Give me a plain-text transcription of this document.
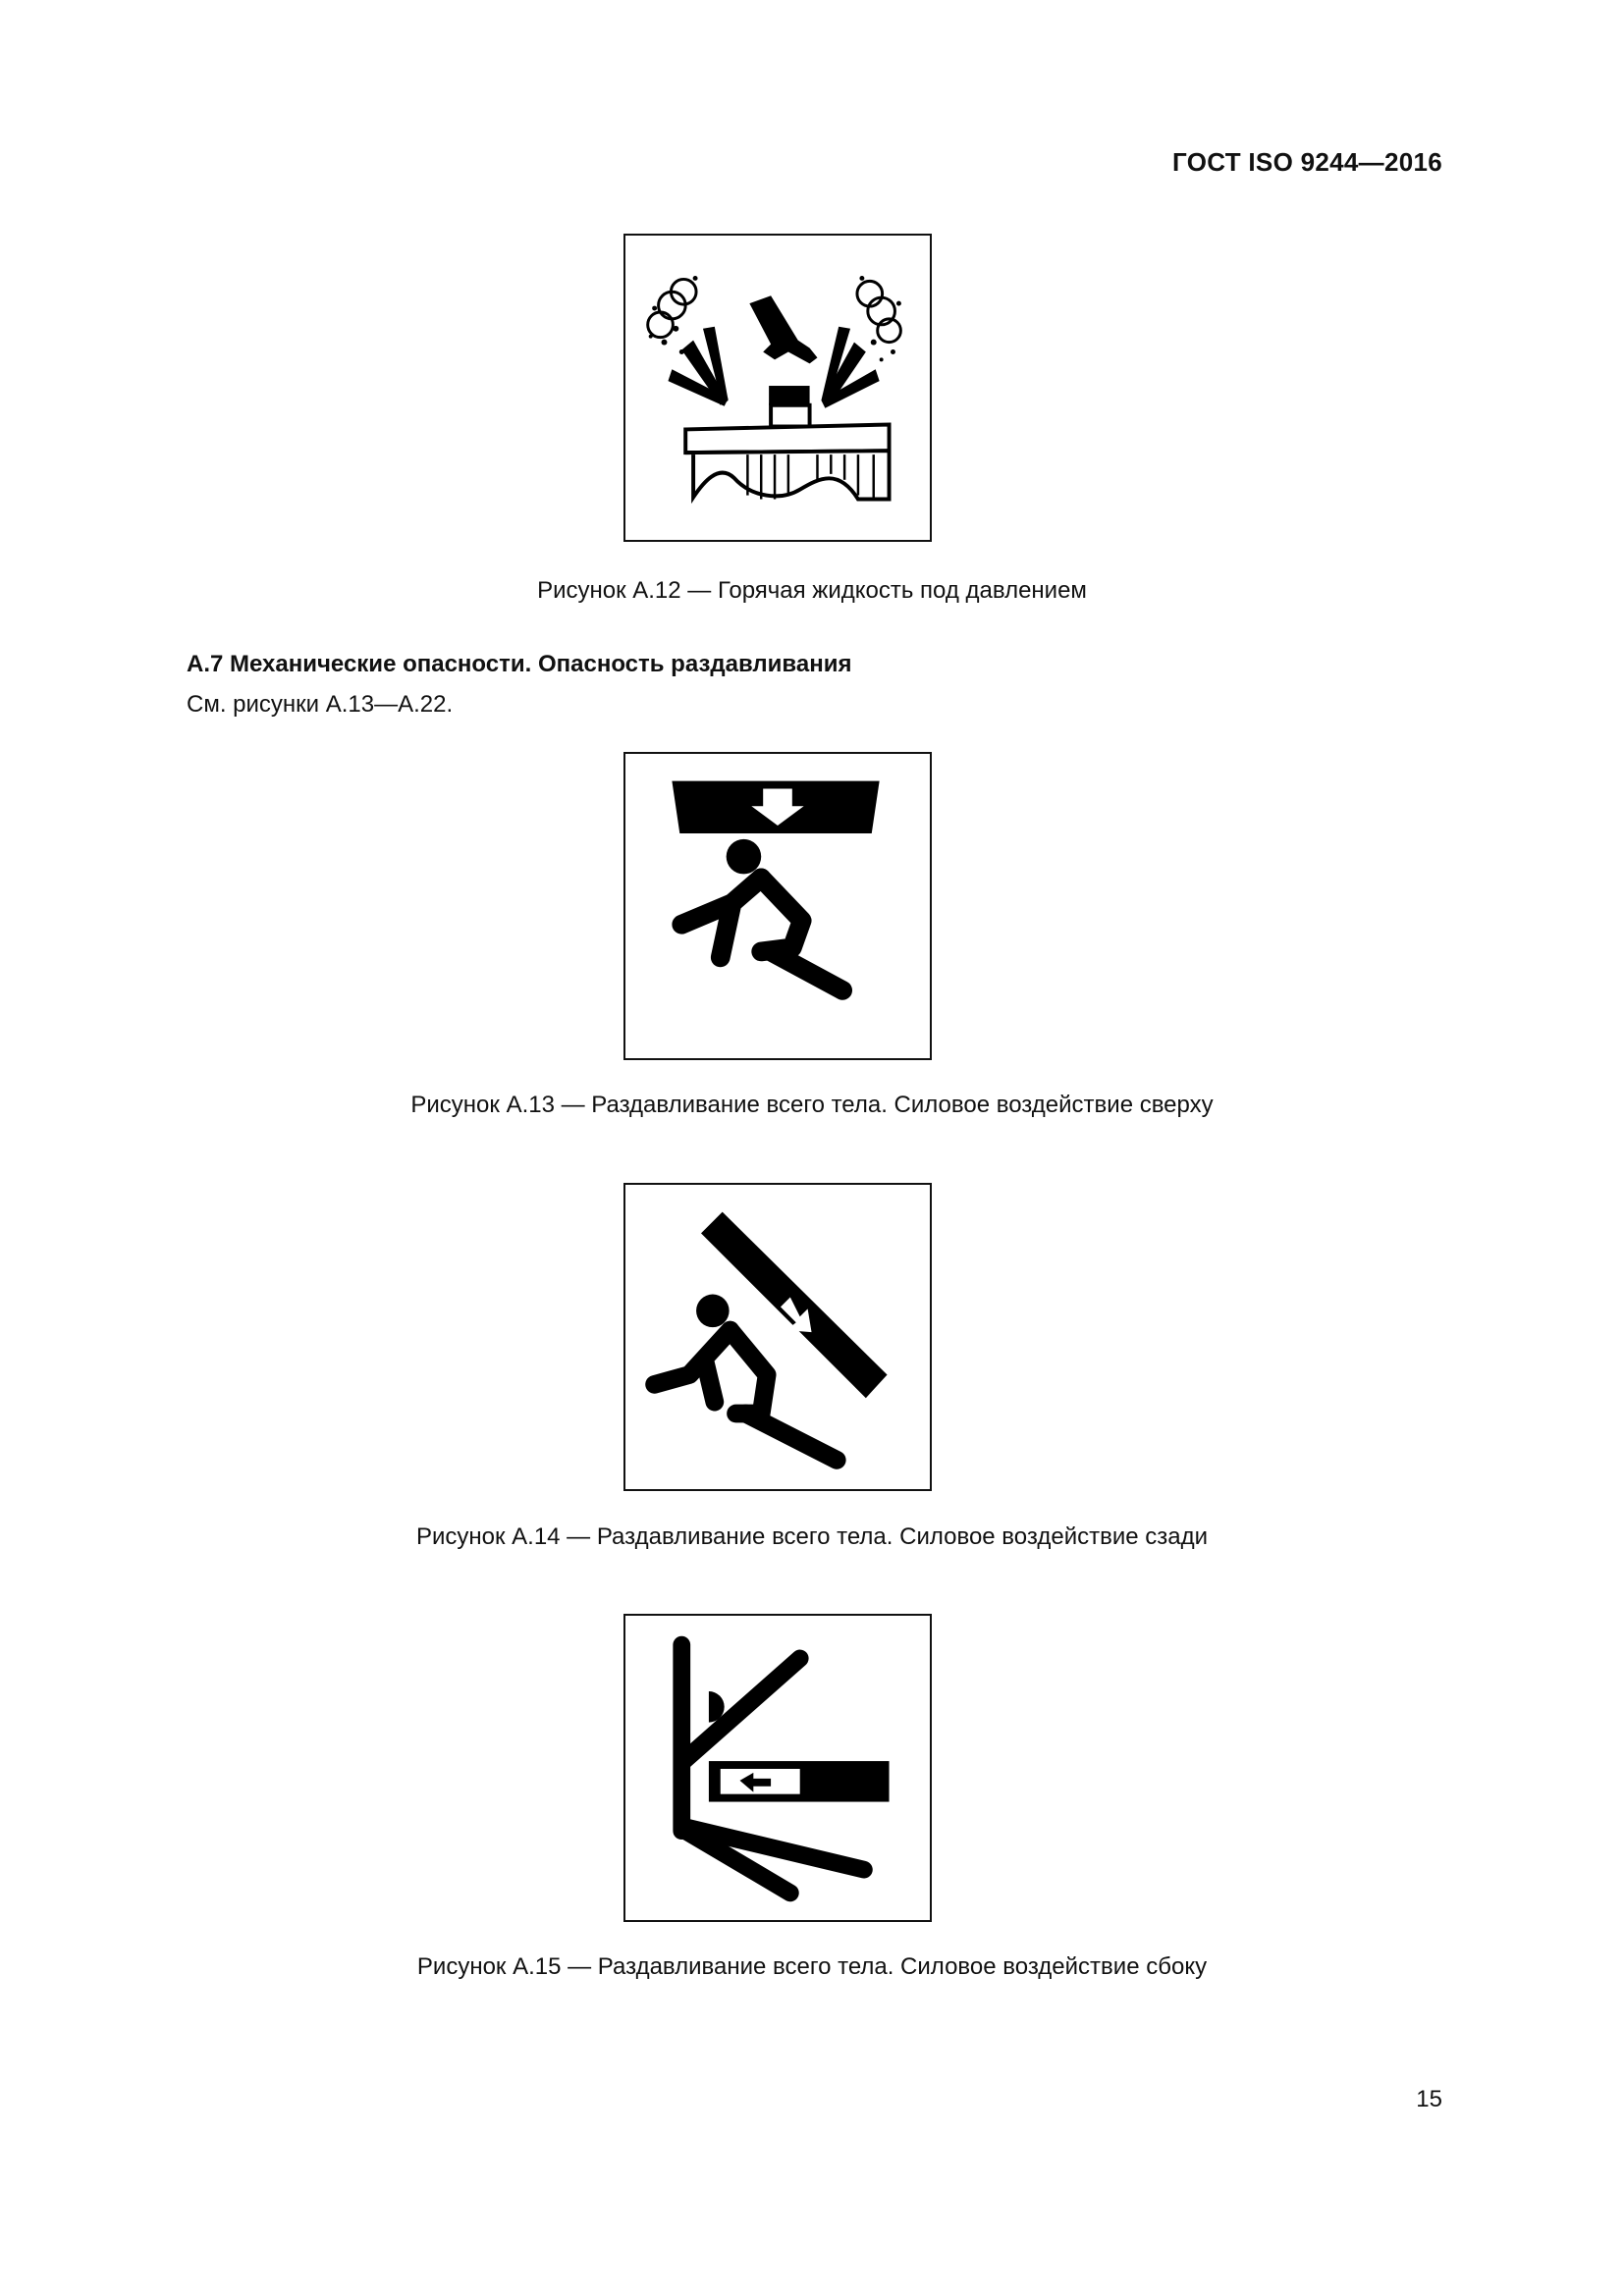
ГОСТ ISO 9244—2016
Рисунок А.12 — Горячая жидкость под давлением
А.7 Механические опасности. Опасность раздавливания
См. рисунки А.13—А.22.
Рисунок А.13 — Раздавливание всего тела. Силовое воздействие сверху
Рисунок А.14 — Раздавливание всего тела. Силовое воздействие сзади
Рисунок А.15 — Раздавливание всего тела. Силовое воздействие сбоку
15
